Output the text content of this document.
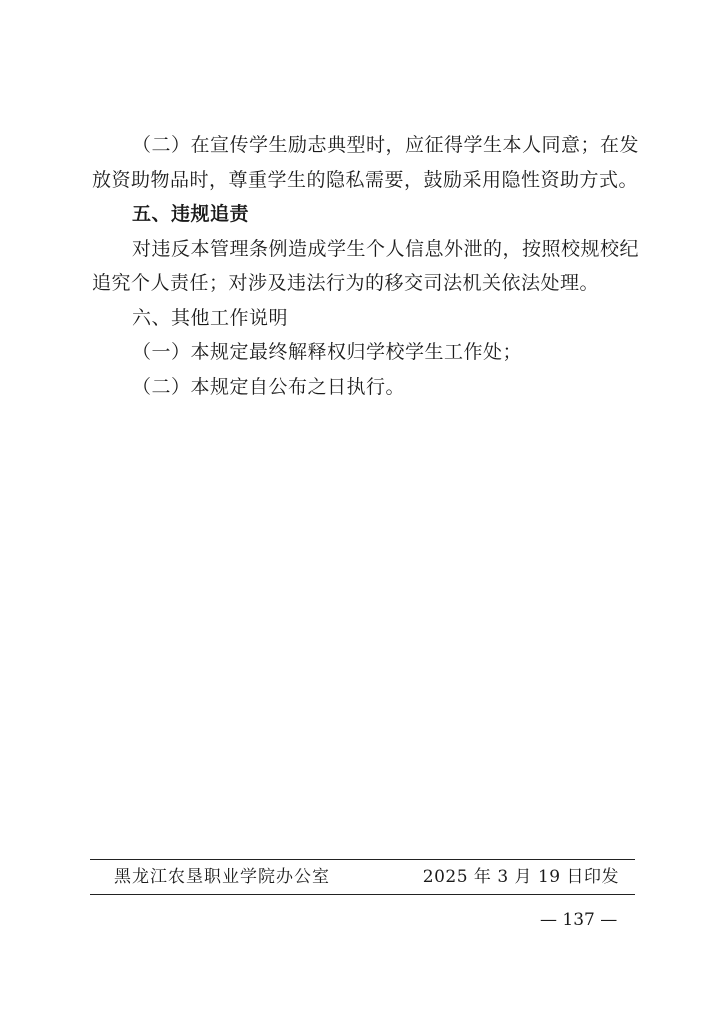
（二）在宣传学生励志典型时，应征得学生本人同意；在发
放资助物品时，尊重学生的隐私需要，鼓励采用隐性资助方式。
五、违规追责
对违反本管理条例造成学生个人信息外泄的，按照校规校纪
追究个人责任；对涉及违法行为的移交司法机关依法处理。
六、其他工作说明
（一）本规定最终解释权归学校学生工作处；
（二）本规定自公布之日执行。
黑龙江农垦职业学院办公室	2025 年 3 月 19 日印发
— 137 —
